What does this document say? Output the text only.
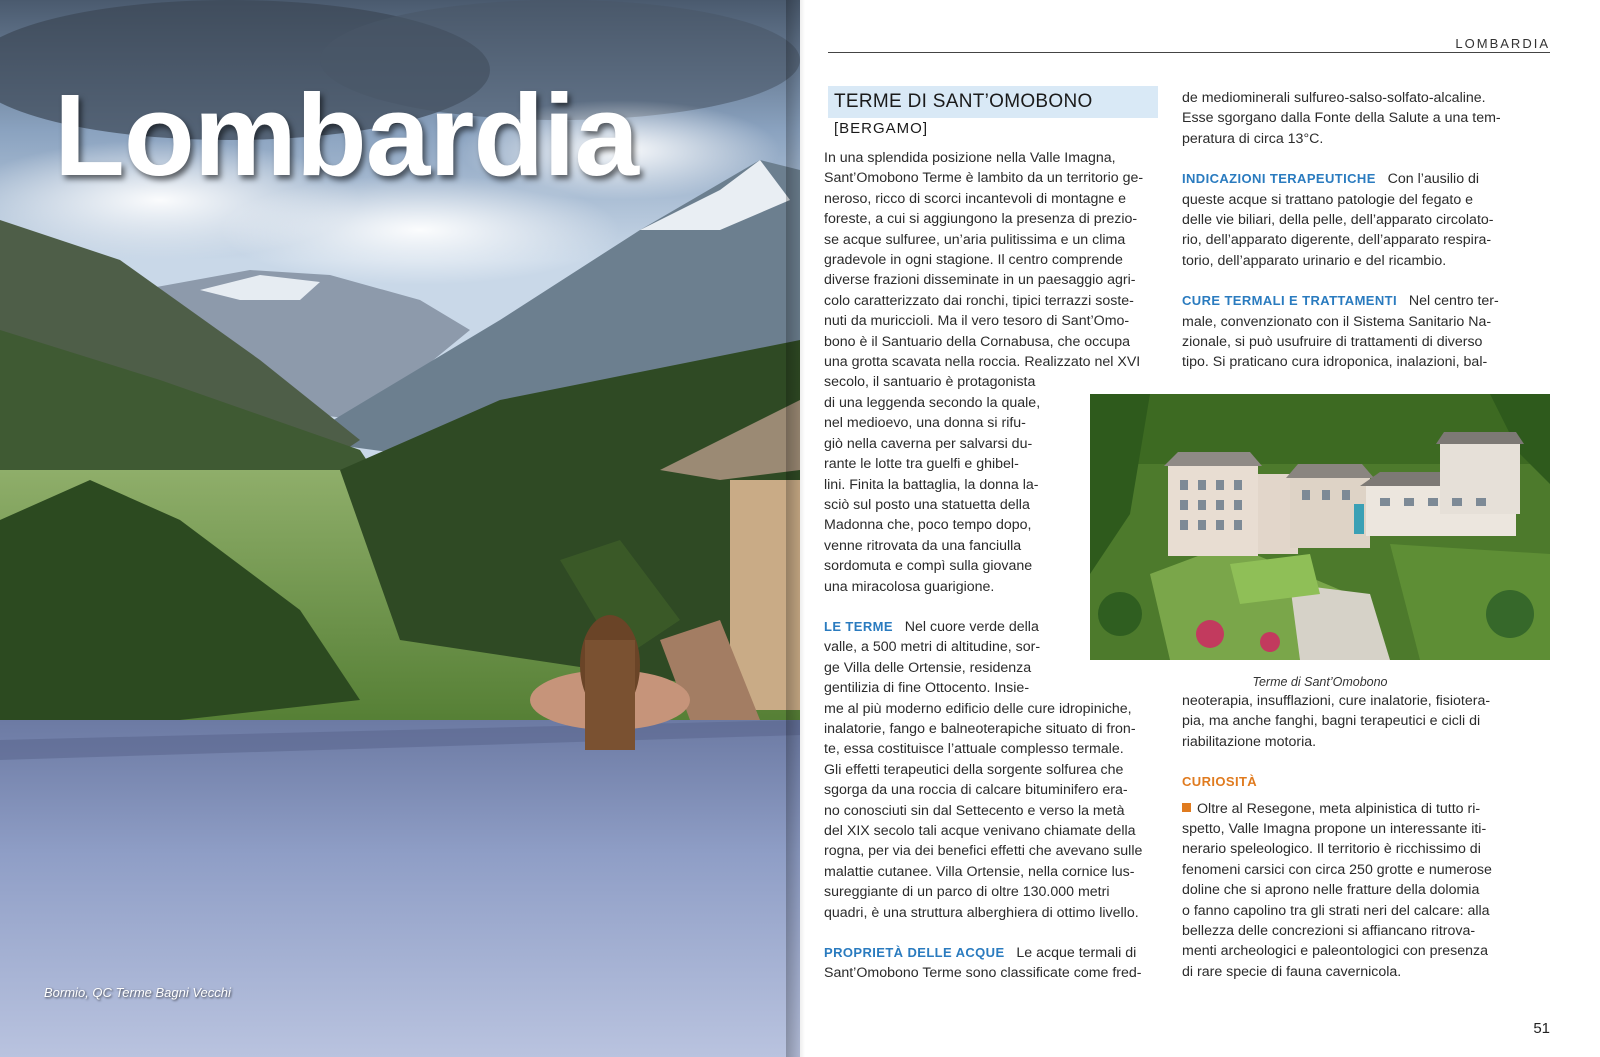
Lombardia
Bormio, QC Terme Bagni Vecchi
LOMBARDIA
TERME DI SANT’OMOBONO
[BERGAMO]

In una splendida posizione nella Valle Imagna,

Sant’Omobono Terme è lambito da un territorio ge-

neroso, ricco di scorci incantevoli di montagne e

foreste, a cui si aggiungono la presenza di prezio-

se acque sulfuree, un’aria pulitissima e un clima

gradevole in ogni stagione. Il centro comprende

diverse frazioni disseminate in un paesaggio agri-

colo caratterizzato dai ronchi, tipici terrazzi soste-

nuti da muriccioli. Ma il vero tesoro di Sant’Omo-

bono è il Santuario della Cornabusa, che occupa

una grotta scavata nella roccia. Realizzato nel XVI

secolo, il santuario è protagonista

di una leggenda secondo la quale,

nel medioevo, una donna si rifu-

giò nella caverna per salvarsi du-

rante le lotte tra guelfi e ghibel-

lini. Finita la battaglia, la donna la-

sciò sul posto una statuetta della

Madonna che, poco tempo dopo,

venne ritrovata da una fanciulla

sordomuta e compì sulla giovane

una miracolosa guarigione.

LE TERME Nel cuore verde della

valle, a 500 metri di altitudine, sor-

ge Villa delle Ortensie, residenza

gentilizia di fine Ottocento. Insie-

me al più moderno edificio delle cure idropiniche,

inalatorie, fango e balneoterapiche situato di fron-

te, essa costituisce l’attuale complesso termale.

Gli effetti terapeutici della sorgente solfurea che

sgorga da una roccia di calcare bituminifero era-

no conosciuti sin dal Settecento e verso la metà

del XIX secolo tali acque venivano chiamate della

rogna, per via dei benefici effetti che avevano sulle

malattie cutanee. Villa Ortensie, nella cornice lus-

sureggiante di un parco di oltre 130.000 metri

quadri, è una struttura alberghiera di ottimo livello.

PROPRIETÀ DELLE ACQUE Le acque termali di

Sant’Omobono Terme sono classificate come fred-

de mediominerali sulfureo-salso-solfato-alcaline.

Esse sgorgano dalla Fonte della Salute a una tem-

peratura di circa 13°C.

INDICAZIONI TERAPEUTICHE Con l’ausilio di

queste acque si trattano patologie del fegato e

delle vie biliari, della pelle, dell’apparato circolato-

rio, dell’apparato digerente, dell’apparato respira-

torio, dell’apparato urinario e del ricambio.

CURE TERMALI E TRATTAMENTI Nel centro ter-

male, convenzionato con il Sistema Sanitario Na-

zionale, si può usufruire di trattamenti di diverso

tipo. Si praticano cura idroponica, inalazioni, bal-

neoterapia, insufflazioni, cure inalatorie, fisiotera-

pia, ma anche fanghi, bagni terapeutici e cicli di

riabilitazione motoria.

CURIOSITÀ

Oltre al Resegone, meta alpinistica di tutto ri-

spetto, Valle Imagna propone un interessante iti-

nerario speleologico. Il territorio è ricchissimo di

fenomeni carsici con circa 250 grotte e numerose

doline che si aprono nelle fratture della dolomia

o fanno capolino tra gli strati neri del calcare: alla

bellezza delle concrezioni si affiancano ritrova-

menti archeologici e paleontologici con presenza

di rare specie di fauna cavernicola.

Terme di Sant’Omobono
51
